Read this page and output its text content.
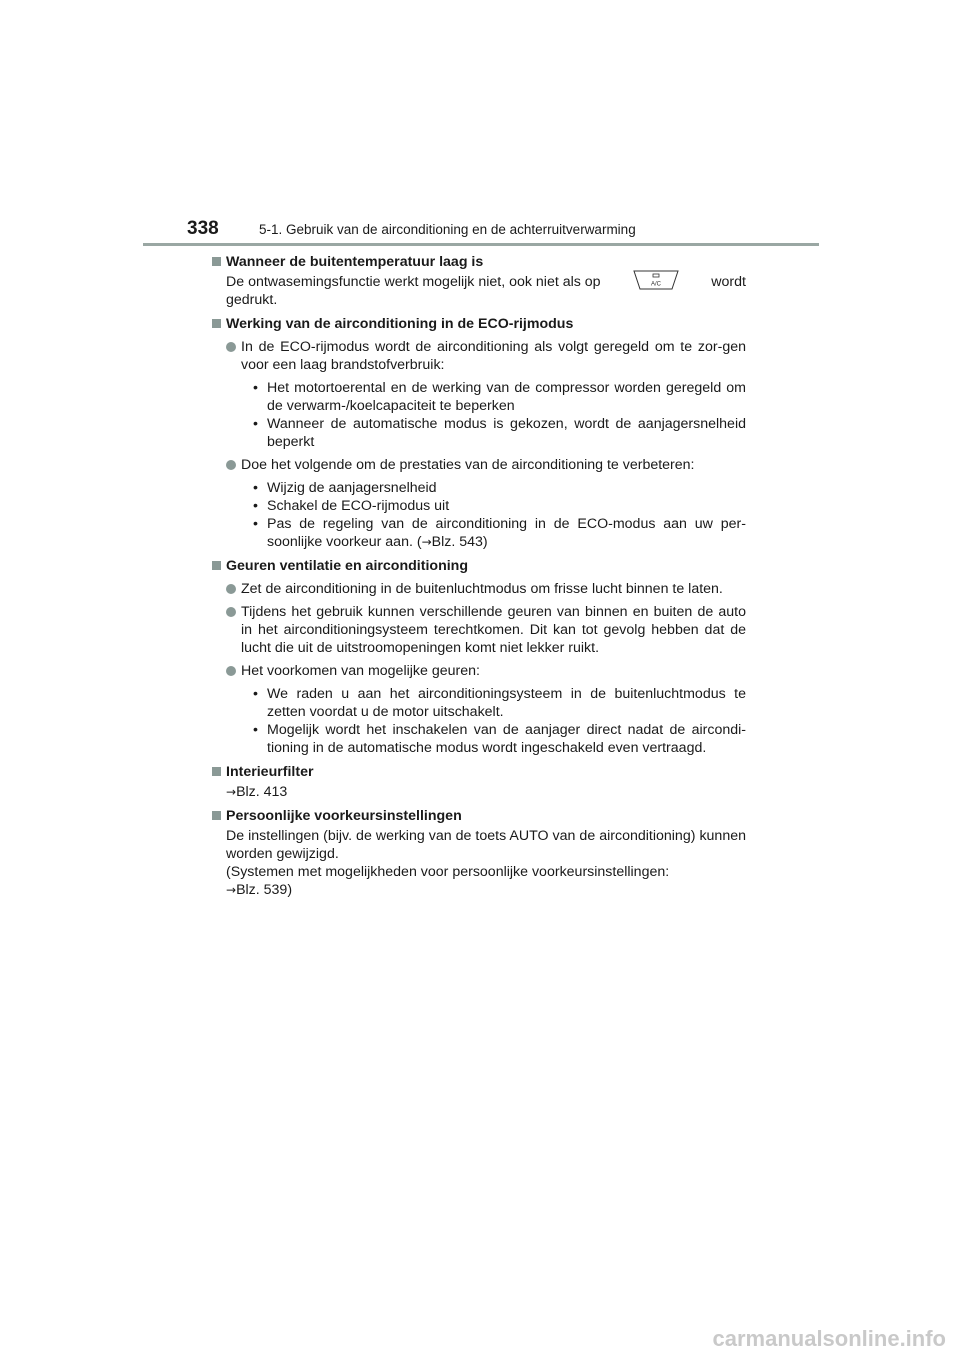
338	5-1. Gebruik van de airconditioning en de achterruitverwarming
Wanneer de buitentemperatuur laag is
De ontwasemingsfunctie werkt mogelijk niet, ook niet als op	A/C	wordt
gedrukt.
Werking van de airconditioning in de ECO-rijmodus
In de ECO-rijmodus wordt de airconditioning als volgt geregeld om te zor-gen voor een laag brandstofverbruik:
• Het motortoerental en de werking van de compressor worden geregeld om de verwarm-/koelcapaciteit te beperken
• Wanneer de automatische modus is gekozen, wordt de aanjagersnelheid beperkt
Doe het volgende om de prestaties van de airconditioning te verbeteren:
• Wijzig de aanjagersnelheid
• Schakel de ECO-rijmodus uit
• Pas de regeling van de airconditioning in de ECO-modus aan uw per-soonlijke voorkeur aan. (→Blz. 543)
Geuren ventilatie en airconditioning
Zet de airconditioning in de buitenluchtmodus om frisse lucht binnen te laten.
Tijdens het gebruik kunnen verschillende geuren van binnen en buiten de auto in het airconditioningsysteem terechtkomen. Dit kan tot gevolg hebben dat de lucht die uit de uitstroomopeningen komt niet lekker ruikt.
Het voorkomen van mogelijke geuren:
• We raden u aan het airconditioningsysteem in de buitenluchtmodus te zetten voordat u de motor uitschakelt.
• Mogelijk wordt het inschakelen van de aanjager direct nadat de aircondi-tioning in de automatische modus wordt ingeschakeld even vertraagd.
Interieurfilter
→Blz. 413
Persoonlijke voorkeursinstellingen
De instellingen (bijv. de werking van de toets AUTO van de airconditioning) kunnen worden gewijzigd.
(Systemen met mogelijkheden voor persoonlijke voorkeursinstellingen:
→Blz. 539)
carmanualsonline.info
